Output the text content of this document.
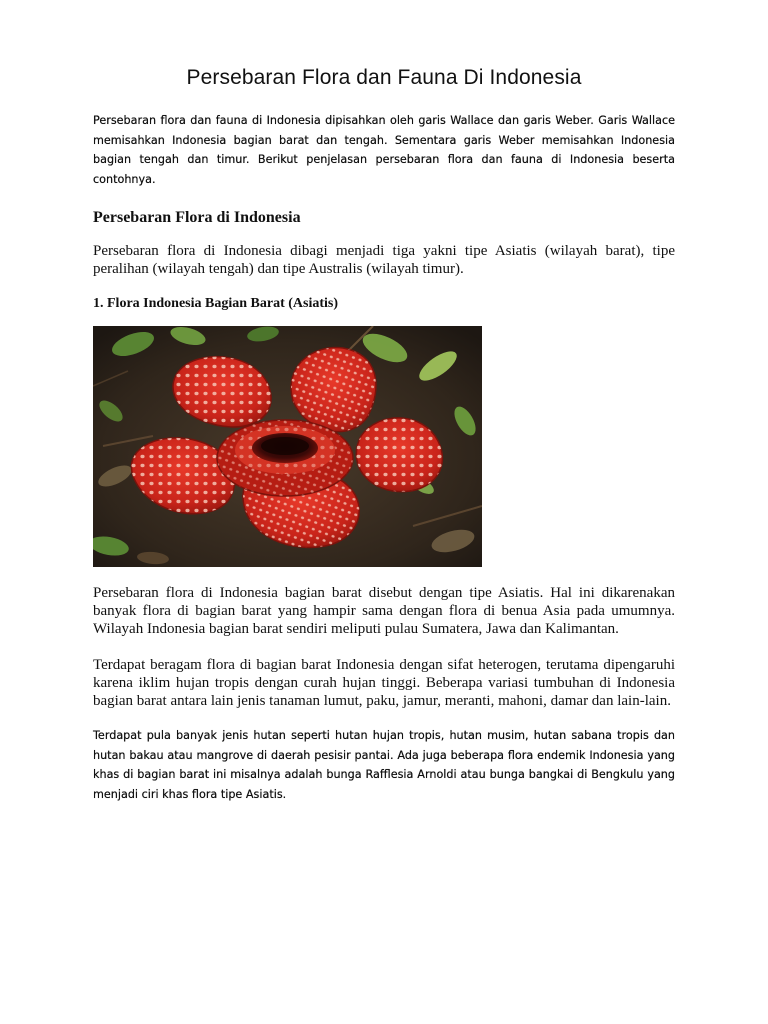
Persebaran Flora dan Fauna Di Indonesia

Persebaran flora dan fauna di Indonesia dipisahkan oleh garis Wallace dan garis Weber. Garis Wallace memisahkan Indonesia bagian barat dan tengah. Sementara garis Weber memisahkan Indonesia bagian tengah dan timur. Berikut penjelasan persebaran flora dan fauna di Indonesia beserta contohnya.

Persebaran Flora di Indonesia

Persebaran flora di Indonesia dibagi menjadi tiga yakni tipe Asiatis (wilayah barat), tipe peralihan (wilayah tengah) dan tipe Australis (wilayah timur).

1. Flora Indonesia Bagian Barat (Asiatis)

Persebaran flora di Indonesia bagian barat disebut dengan tipe Asiatis. Hal ini dikarenakan banyak flora di bagian barat yang hampir sama dengan flora di benua Asia pada umumnya. Wilayah Indonesia bagian barat sendiri meliputi pulau Sumatera, Jawa dan Kalimantan.

Terdapat beragam flora di bagian barat Indonesia dengan sifat heterogen, terutama dipengaruhi karena iklim hujan tropis dengan curah hujan tinggi. Beberapa variasi tumbuhan di Indonesia bagian barat antara lain jenis tanaman lumut, paku, jamur, meranti, mahoni, damar dan lain-lain.

Terdapat pula banyak jenis hutan seperti hutan hujan tropis, hutan musim, hutan sabana tropis dan hutan bakau atau mangrove di daerah pesisir pantai. Ada juga beberapa flora endemik Indonesia yang khas di bagian barat ini misalnya adalah bunga Rafflesia Arnoldi atau bunga bangkai di Bengkulu yang menjadi ciri khas flora tipe Asiatis.
